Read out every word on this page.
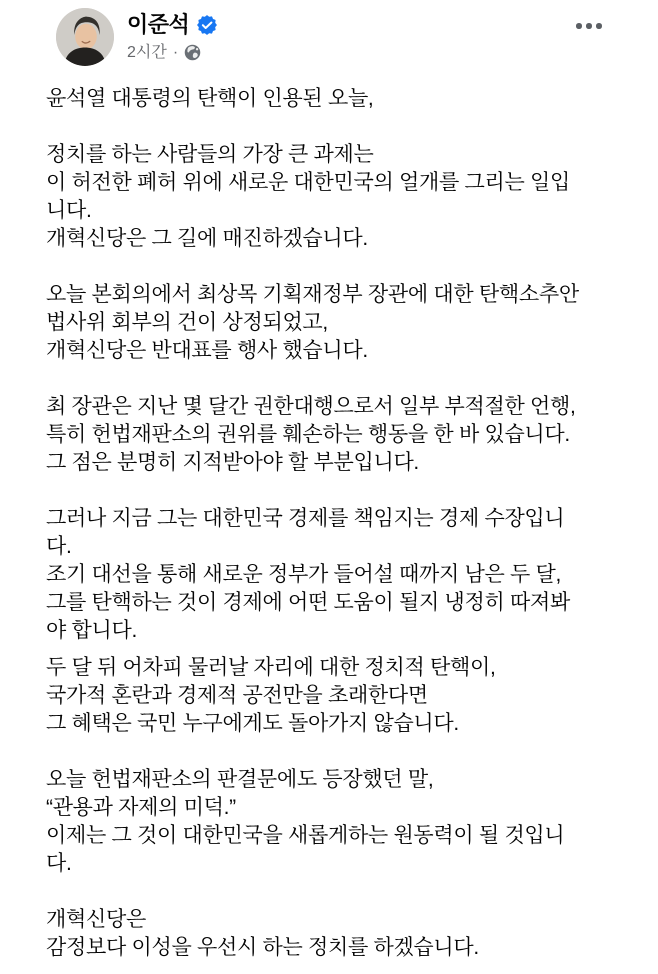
이준석
2시간 ·

윤석열 대통령의 탄핵이 인용된 오늘,

정치를 하는 사람들의 가장 큰 과제는
이 허전한 폐허 위에 새로운 대한민국의 얼개를 그리는 일입
니다.
개혁신당은 그 길에 매진하겠습니다.

오늘 본회의에서 최상목 기획재정부 장관에 대한 탄핵소추안
법사위 회부의 건이 상정되었고,
개혁신당은 반대표를 행사 했습니다.

최 장관은 지난 몇 달간 권한대행으로서 일부 부적절한 언행,
특히 헌법재판소의 권위를 훼손하는 행동을 한 바 있습니다.
그 점은 분명히 지적받아야 할 부분입니다.

그러나 지금 그는 대한민국 경제를 책임지는 경제 수장입니
다.
조기 대선을 통해 새로운 정부가 들어설 때까지 남은 두 달,
그를 탄핵하는 것이 경제에 어떤 도움이 될지 냉정히 따져봐
야 합니다.

두 달 뒤 어차피 물러날 자리에 대한 정치적 탄핵이,
국가적 혼란과 경제적 공전만을 초래한다면
그 혜택은 국민 누구에게도 돌아가지 않습니다.

오늘 헌법재판소의 판결문에도 등장했던 말,
“관용과 자제의 미덕.”
이제는 그 것이 대한민국을 새롭게하는 원동력이 될 것입니
다.

개혁신당은
감정보다 이성을 우선시 하는 정치를 하겠습니다.
